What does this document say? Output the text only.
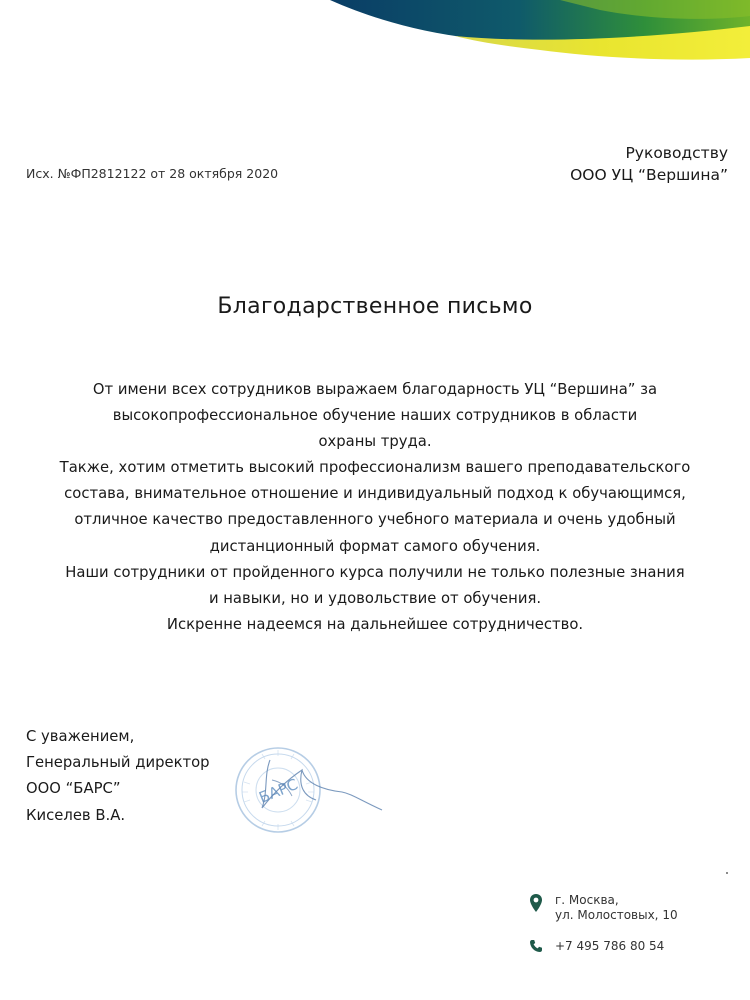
Исх. №ФП2812122 от 28 октября 2020
Руководству
ООО УЦ “Вершина”
Благодарственное письмо
От имени всех сотрудников выражаем благодарность УЦ “Вершина” за
высокопрофессиональное обучение наших сотрудников в области
охраны труда.
Также, хотим отметить высокий профессионализм вашего преподавательского
состава, внимательное отношение и индивидуальный подход к обучающимся,
отличное качество предоставленного учебного материала и очень удобный
дистанционный формат самого обучения.
Наши сотрудники от пройденного курса получили не только полезные знания
и навыки, но и удовольствие от обучения.
Искренне надеемся на дальнейшее сотрудничество.
С уважением,
Генеральный директор
ООО “БАРС”
Киселев В.А.
БАРС
г. Москва,
ул. Молостовых, 10
+7 495 786 80 54
